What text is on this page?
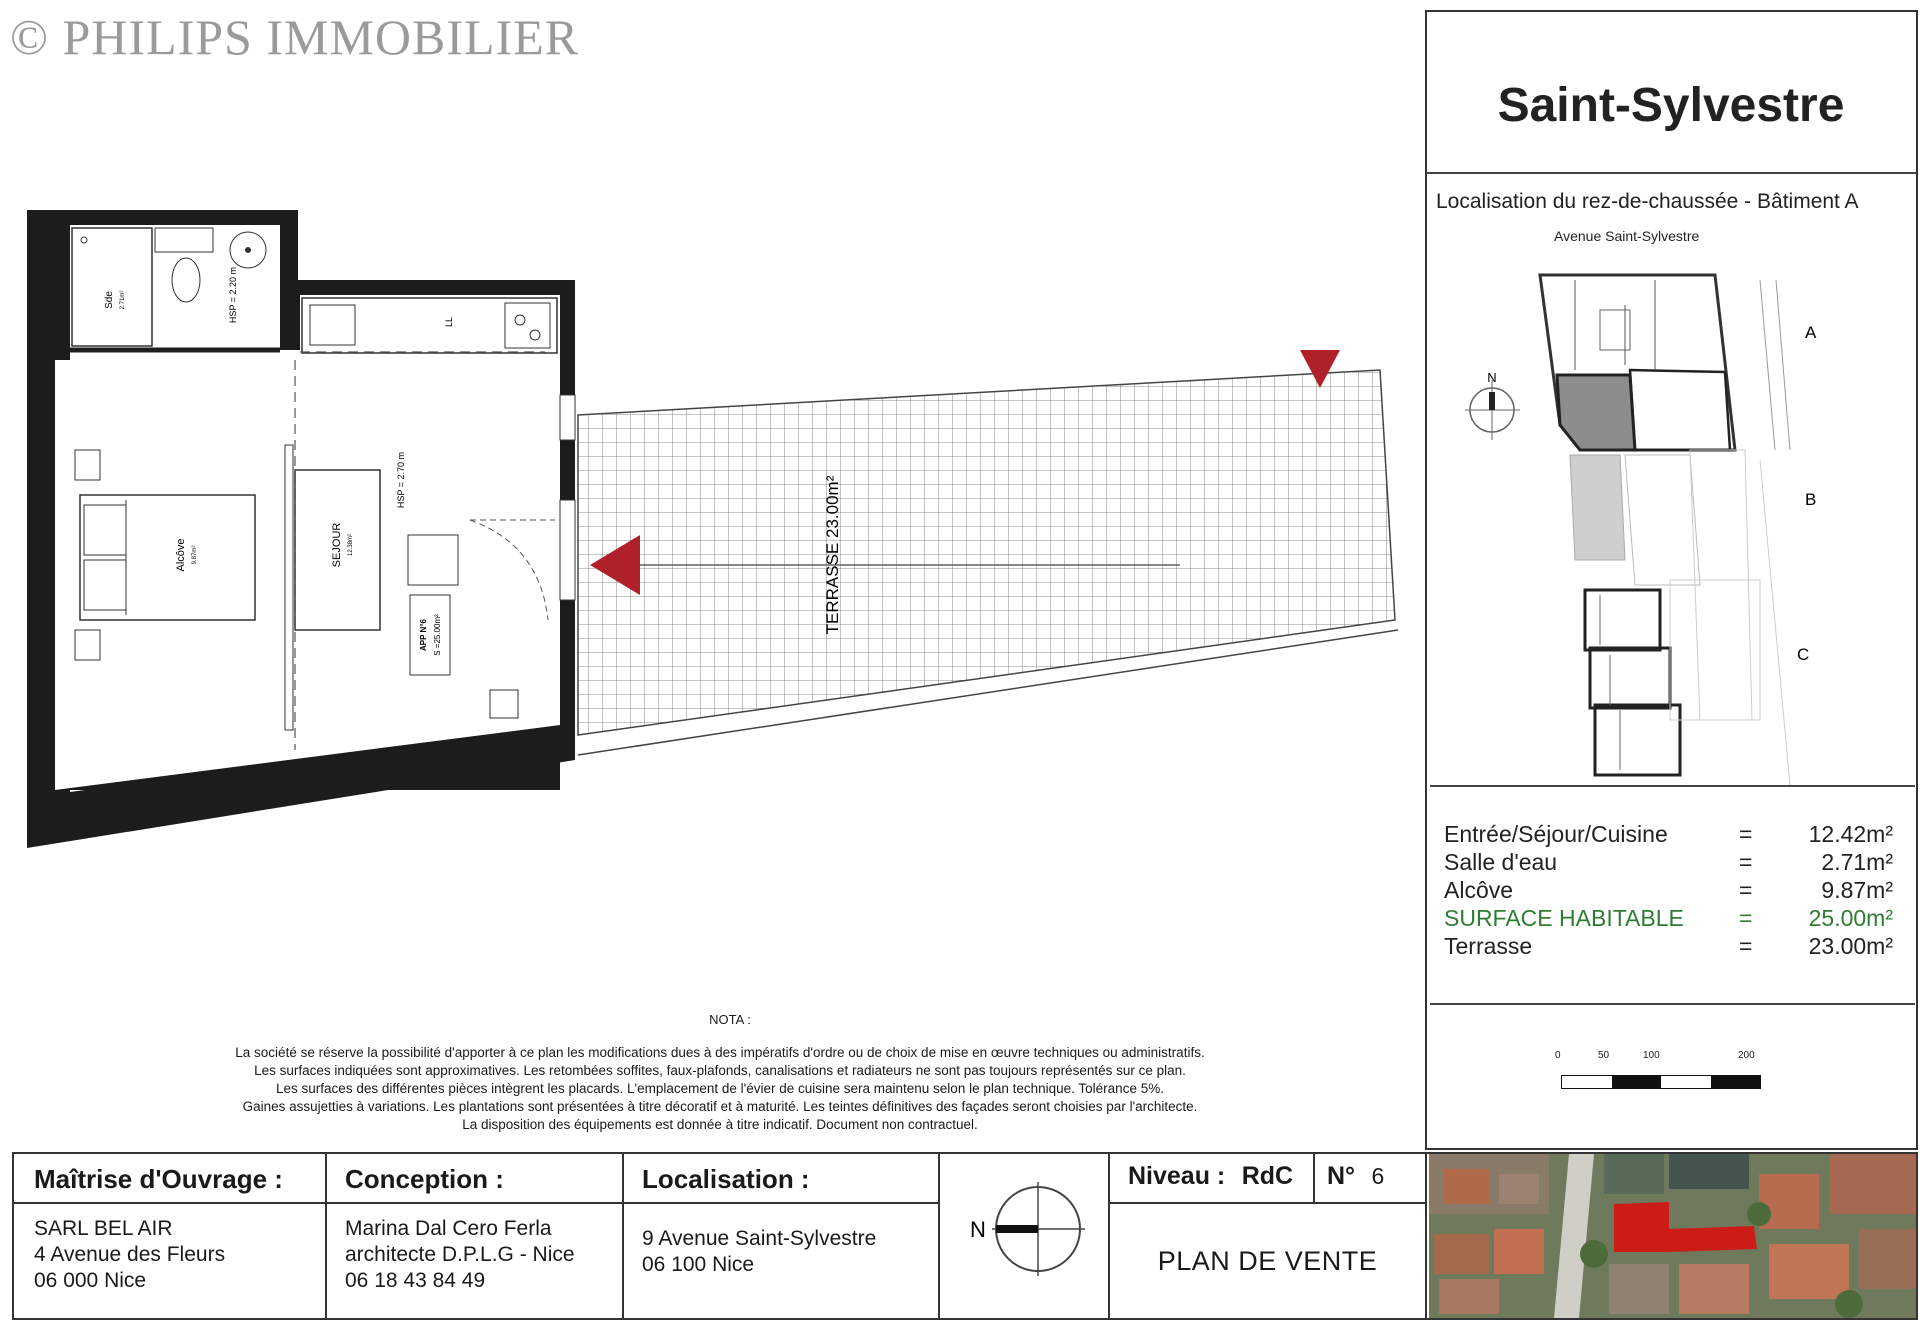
© PHILIPS IMMOBILIER
Sde 2.71m²	HSP = 2.20 m
Alcôve 9.87m²	SEJOUR 12.38m²
HSP = 2.70 m
APP N°6 S =25.00m²
LL
TERRASSE 23.00m²
Saint-Sylvestre
Localisation du rez-de-chaussée - Bâtiment A
Avenue Saint-Sylvestre
N
A
B
C
Entrée/Séjour/Cuisine	=	12.42m²
Salle d'eau	=	2.71m²
Alcôve	=	9.87m²
SURFACE HABITABLE	=	25.00m²
Terrasse	=	23.00m²
0	50	100	200
NOTA :
La société se réserve la possibilité d'apporter à ce plan les modifications dues à des impératifs d'ordre ou de choix de mise en œuvre techniques ou administratifs.
Les surfaces indiquées sont approximatives. Les retombées soffites, faux-plafonds, canalisations et radiateurs ne sont pas toujours représentés sur ce plan.
Les surfaces des différentes pièces intègrent les placards. L'emplacement de l'évier de cuisine sera maintenu selon le plan technique. Tolérance 5%.
Gaines assujetties à variations. Les plantations sont présentées à titre décoratif et à maturité. Les teintes définitives des façades seront choisies par l'architecte.
La disposition des équipements est donnée à titre indicatif. Document non contractuel.
Maîtrise d'Ouvrage :
SARL BEL AIR
4 Avenue des Fleurs
06 000 Nice
Conception :
Marina Dal Cero Ferla
architecte D.P.L.G - Nice
06 18 43 84 49
Localisation :
9 Avenue Saint-Sylvestre
06 100 Nice
N
Niveau : RdC	N° 6
PLAN DE VENTE
